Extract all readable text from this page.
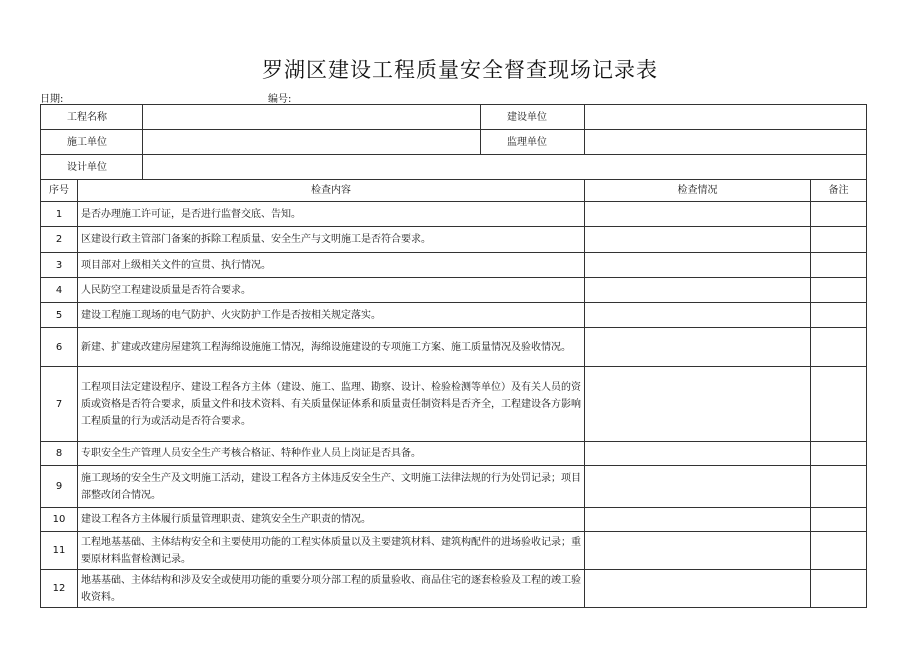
罗湖区建设工程质量安全督查现场记录表
日期:	编号:
工程名称			建设单位		
施工单位			监理单位		
设计单位					
序号	检查内容			检查情况	备注
1	是否办理施工许可证，是否进行监督交底、告知。				
2	区建设行政主管部门备案的拆除工程质量、安全生产与文明施工是否符合要求。				
3	项目部对上级相关文件的宣贯、执行情况。				
4	人民防空工程建设质量是否符合要求。				
5	建设工程施工现场的电气防护、火灾防护工作是否按相关规定落实。				
6	新建、扩建或改建房屋建筑工程海绵设施施工情况，海绵设施建设的专项施工方案、施工质量情况及验收情况。				
7	工程项目法定建设程序、建设工程各方主体（建设、施工、监理、勘察、设计、检验检测等单位）及有关人员的资质或资格是否符合要求，质量文件和技术资料、有关质量保证体系和质量责任制资料是否齐全，工程建设各方影响工程质量的行为或活动是否符合要求。				
8	专职安全生产管理人员安全生产考核合格证、特种作业人员上岗证是否具备。				
9	施工现场的安全生产及文明施工活动，建设工程各方主体违反安全生产、文明施工法律法规的行为处罚记录；项目部整改闭合情况。				
10	建设工程各方主体履行质量管理职责、建筑安全生产职责的情况。				
11	工程地基基础、主体结构安全和主要使用功能的工程实体质量以及主要建筑材料、建筑构配件的进场验收记录；重要原材料监督检测记录。				
12	地基基础、主体结构和涉及安全或使用功能的重要分项分部工程的质量验收、商品住宅的逐套检验及工程的竣工验收资料。				
